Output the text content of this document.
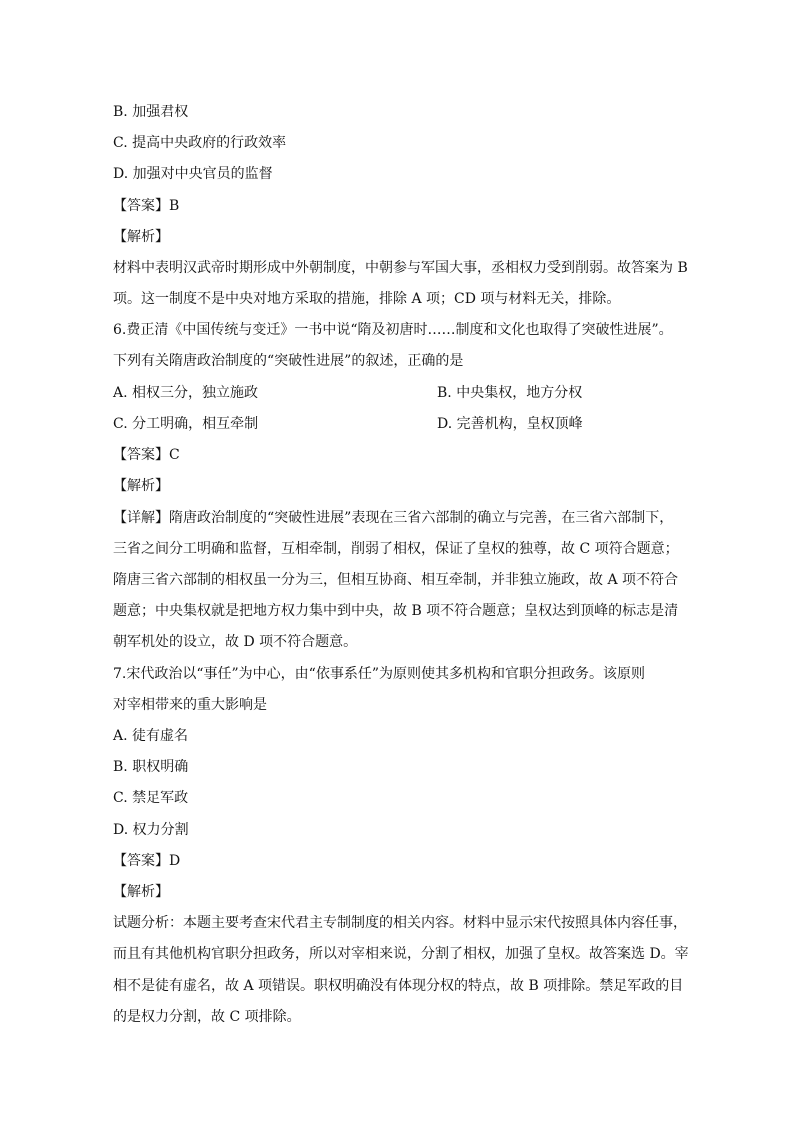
B. 加强君权
C. 提高中央政府的行政效率
D. 加强对中央官员的监督
【答案】B
【解析】
材料中表明汉武帝时期形成中外朝制度，中朝参与军国大事，丞相权力受到削弱。故答案为 B
项。这一制度不是中央对地方采取的措施，排除 A 项；CD 项与材料无关，排除。
6.费正清《中国传统与变迁》一书中说“隋及初唐时……制度和文化也取得了突破性进展”。
下列有关隋唐政治制度的“突破性进展”的叙述，正确的是
A. 相权三分，独立施政	B. 中央集权，地方分权
C. 分工明确，相互牵制	D. 完善机构，皇权顶峰
【答案】C
【解析】
【详解】隋唐政治制度的“突破性进展”表现在三省六部制的确立与完善，在三省六部制下，
三省之间分工明确和监督，互相牵制，削弱了相权，保证了皇权的独尊，故 C 项符合题意；
隋唐三省六部制的相权虽一分为三，但相互协商、相互牵制，并非独立施政，故 A 项不符合
题意；中央集权就是把地方权力集中到中央，故 B 项不符合题意；皇权达到顶峰的标志是清
朝军机处的设立，故 D 项不符合题意。
7.宋代政治以“事任”为中心，由“依事系任”为原则使其多机构和官职分担政务。该原则
对宰相带来的重大影响是
A. 徒有虚名
B. 职权明确
C. 禁足军政
D. 权力分割
【答案】D
【解析】
试题分析：本题主要考查宋代君主专制制度的相关内容。材料中显示宋代按照具体内容任事，
而且有其他机构官职分担政务，所以对宰相来说，分割了相权，加强了皇权。故答案选 D。宰
相不是徒有虚名，故 A 项错误。职权明确没有体现分权的特点，故 B 项排除。禁足军政的目
的是权力分割，故 C 项排除。
